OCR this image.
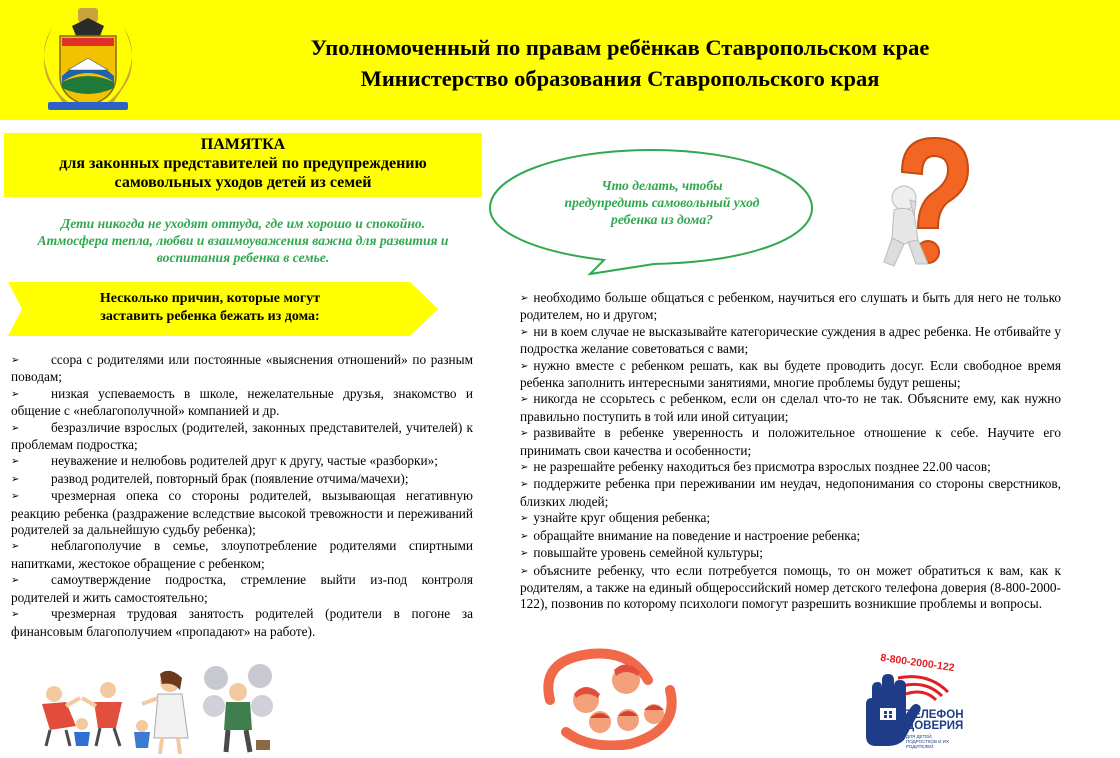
Уполномоченный по правам ребёнкав Ставропольском крае
Министерство образования Ставропольского края
ПАМЯТКА
для законных представителей по предупреждению
самовольных уходов детей из семей
Дети никогда не уходят оттуда, где им хорошо и спокойно.
Атмосфера тепла, любви и взаимоуважения важна для развития и
воспитания ребенка в семье.
Несколько причин, которые могут
заставить ребенка бежать из дома:
➢ ссора с родителями или постоянные «выяснения отношений» по разным поводам;
➢ низкая успеваемость в школе, нежелательные друзья, знакомство и общение с «неблагополучной» компанией и др.
➢ безразличие взрослых (родителей, законных представителей, учителей) к проблемам подростка;
➢ неуважение и нелюбовь родителей друг к другу, частые «разборки»;
➢ развод родителей, повторный брак (появление отчима/мачехи);
➢ чрезмерная опека со стороны родителей, вызывающая негативную реакцию ребенка (раздражение вследствие высокой тревожности и переживаний родителей за дальнейшую судьбу ребенка);
➢ неблагополучие в семье, злоупотребление родителями спиртными напитками, жестокое обращение с ребенком;
➢ самоутверждение подростка, стремление выйти из-под контроля родителей и жить самостоятельно;
➢ чрезмерная трудовая занятость родителей (родители в погоне за финансовым благополучием «пропадают» на работе).
Что делать, чтобы
предупредить самовольный уход
ребенка из дома?
➢ необходимо больше общаться с ребенком, научиться его слушать и быть для него не только родителем, но и другом;
➢ ни в коем случае не высказывайте категорические суждения в адрес ребенка. Не отбивайте у подростка желание советоваться с вами;
➢ нужно вместе с ребенком решать, как вы будете проводить досуг. Если свободное время ребенка заполнить интересными занятиями, многие проблемы будут решены;
➢ никогда не ссорьтесь с ребенком, если он сделал что-то не так. Объясните ему, как нужно правильно поступить в той или иной ситуации;
➢ развивайте в ребенке уверенность и положительное отношение к себе. Научите его принимать свои качества и особенности;
➢ не разрешайте ребенку находиться без присмотра взрослых позднее 22.00 часов;
➢ поддержите ребенка при переживании им неудач, недопонимания со стороны сверстников, близких людей;
➢ узнайте круг общения ребенка;
➢ обращайте внимание на поведение и настроение ребенка;
➢ повышайте уровень семейной культуры;
➢ объясните ребенку, что если потребуется помощь, то он может обратиться к вам, как к родителям, а также на единый общероссийский номер детского телефона доверия (8-800-2000-122), позвонив по которому психологи помогут разрешить возникшие проблемы и вопросы.
8-800-2000-122
ТЕЛЕФОН
ДОВЕРИЯ
ДЛЯ ДЕТЕЙ, ПОДРОСТКОВ И ИХ РОДИТЕЛЕЙ
